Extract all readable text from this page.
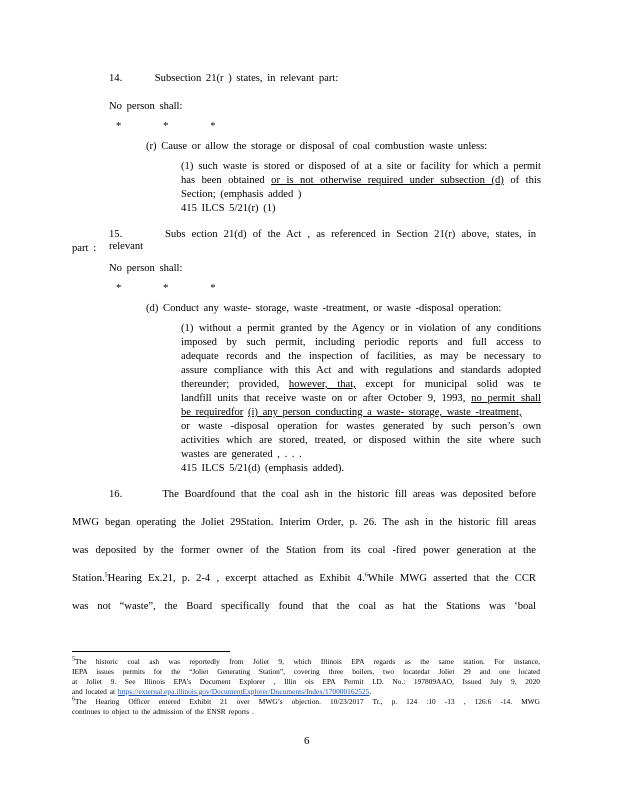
14.       Subsection 21(r ) states, in relevant part:
No person shall:
*         *         *
(r) Cause or allow the storage or disposal of coal combustion waste unless:
(1) such waste is stored or disposed of at a site or facility for which a permit
has been obtained or is not otherwise required under subsection (d) of this
Section; (emphasis added )
415 ILCS 5/21(r) (1)
15.       Subs ection 21(d) of the Act , as referenced in Section 21(r) above, states, in relevant
part :
No person shall:
*         *         *
(d) Conduct any waste- storage, waste -treatment, or waste -disposal operation:
(1) without a permit granted by the Agency or in violation of any conditions
imposed by such permit, including periodic reports and full access to
adequate records and the inspection of facilities, as may be necessary to
assure compliance with this Act and with regulations and standards adopted
thereunder; provided, however, that, except for municipal solid was te
landfill units that receive waste on or after October 9, 1993, no permit shall
be requiredfor (i) any person conducting a waste- storage, waste -treatment,
or waste -disposal operation for wastes generated by such person’s own
activities which are stored, treated, or disposed within the site where such
wastes are generated , . . .
415 ILCS 5/21(d) (emphasis added).
16.       The Boardfound that the coal ash in the historic fill areas was deposited before
MWG began operating the Joliet 29Station. Interim Order, p. 26. The ash in the historic fill areas
was deposited by the former owner of the Station from its coal -fired power generation at the
Station.$^5$Hearing Ex.21, p. 2-4 , excerpt attached as Exhibit 4.$^6$While MWG asserted that the CCR
was not “waste”, the Board specifically found that the coal as hat the Stations was ‘boal
$^5$The historic coal ash was reportedly from Joliet 9, which Illinois EPA regards as the same station. For instance,
IEPA issues permits for the “Joliet Generating Station”, covering three boilers, two locatedat Joliet 29 and one located
at Joliet 9. See Illinois EPA’s Document Explorer , Illin ois EPA Permit I.D. No.: 197809AAO, Issued July 9, 2020
and located at https://external.epa.illinois.gov/DocumentExplorer/Documents/Index/170000162525.
$^6$The Hearing Officer entered Exhibit 21 over MWG’s objection. 10/23/2017 Tr., p. 124 :10 -13 , 126:6 -14. MWG
continues to object to the admission of the ENSR reports .
6
